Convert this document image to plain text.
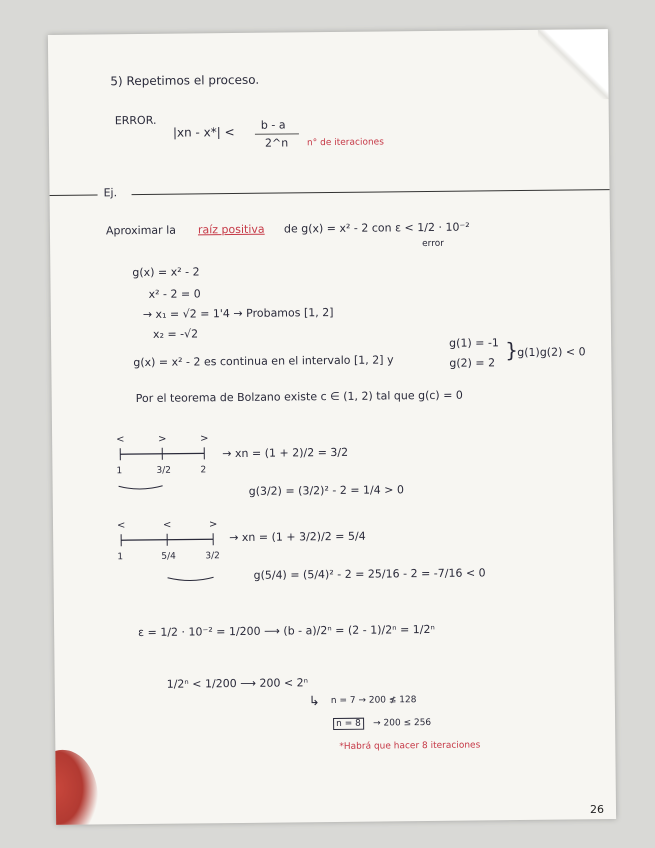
5) Repetimos el proceso.
ERROR.
|xn - x*| < b - a
2^n n° de iteraciones
Ej.
Aproximar la raíz positiva de g(x) = x² - 2 con ε < 1/2 · 10⁻²
error
g(x) = x² - 2
x² - 2 = 0
→ x₁ = √2 = 1'4 → Probamos [1, 2]
x₂ = -√2
g(x) = x² - 2 es continua en el intervalo [1, 2] y
g(1) = -1
g(2) = 2
} g(1)g(2) < 0
Por el teorema de Bolzano existe c ∈ (1, 2) tal que g(c) = 0
<	>	>
1	3/2	2
→ xn = (1 + 2)/2 = 3/2
g(3/2) = (3/2)² - 2 = 1/4 > 0
<	<	>
1	5/4	3/2
→ xn = (1 + 3/2)/2 = 5/4
g(5/4) = (5/4)² - 2 = 25/16 - 2 = -7/16 < 0
ε = 1/2 · 10⁻² = 1/200 ⟶ (b - a)/2ⁿ = (2 - 1)/2ⁿ = 1/2ⁿ
1/2ⁿ < 1/200 ⟶ 200 < 2ⁿ
↳ n = 7 → 200 ≰ 128
n = 8	→ 200 ≤ 256
*Habrá que hacer 8 iteraciones
26
